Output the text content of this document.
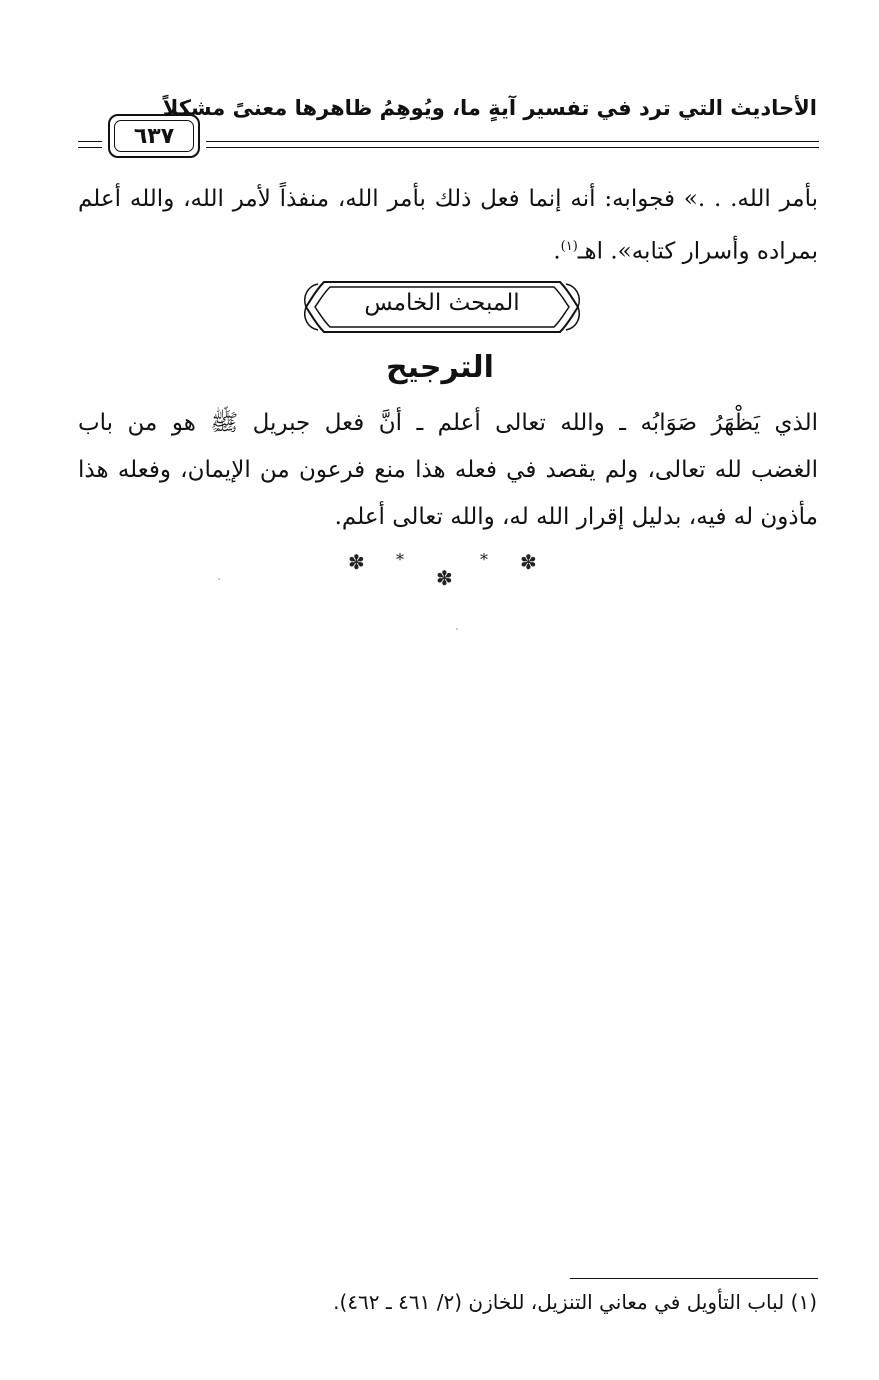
الأحاديث التي ترد في تفسير آيةٍ ما، ويُوهِمُ ظاهرها معنىً مشكلاً
٦٣٧
بأمر الله. . .» فجوابه: أنه إنما فعل ذلك بأمر الله، منفذاً لأمر الله، والله أعلم
بمراده وأسرار كتابه». اهـ$^{(١)}$.
المبحث الخامس
الترجيح
الذي يَظْهَرُ صَوَابُه ـ والله تعالى أعلم ـ أنَّ فعل جبريل ﷺ هو من باب
الغضب لله تعالى، ولم يقصد في فعله هذا منع فرعون من الإيمان، وفعله هذا
مأذون له فيه، بدليل إقرار الله له، والله تعالى أعلم.
✽ *
✽
* ✽
(١) لباب التأويل في معاني التنزيل، للخازن (٢/ ٤٦١ ـ ٤٦٢).
